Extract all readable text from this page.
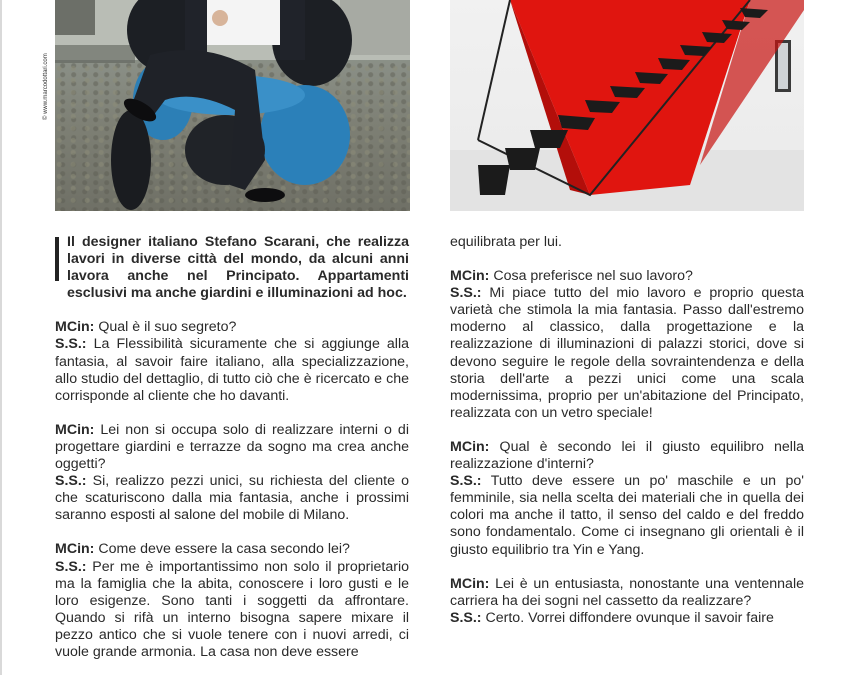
© www.marcodottari.com

Il designer italiano Stefano Scarani, che realizza lavori in diverse città del mondo, da alcuni anni lavora anche nel Principato. Appartamenti esclusivi ma anche giardini e illuminazioni ad hoc.

MCin: Qual è il suo segreto?
S.S.: La Flessibilità sicuramente che si aggiunge alla fantasia, al savoir faire italiano, alla specializzazione, allo studio del dettaglio, di tutto ciò che è ricercato e che corrisponde al cliente che ho davanti.

MCin: Lei non si occupa solo di realizzare interni o di progettare giardini e terrazze da sogno ma crea anche oggetti?
S.S.: Si, realizzo pezzi unici, su richiesta del cliente o che scaturiscono dalla mia fantasia, anche i prossimi saranno esposti al salone del mobile di Milano.

MCin: Come deve essere la casa secondo lei?
S.S.: Per me è importantissimo non solo il proprietario ma la famiglia che la abita, conoscere i loro gusti e le loro esigenze. Sono tanti i soggetti da affrontare. Quando si rifà un interno bisogna sapere mixare il pezzo antico che si vuole tenere con i nuovi arredi, ci vuole grande armonia. La casa non deve essere

equilibrata per lui.

MCin: Cosa preferisce nel suo lavoro?
S.S.: Mi piace tutto del mio lavoro e proprio questa varietà che stimola la mia fantasia. Passo dall'estremo moderno al classico, dalla progettazione e la realizzazione di illuminazioni di palazzi storici, dove si devono seguire le regole della sovraintendenza e della storia dell'arte a pezzi unici come una scala modernissima, proprio per un'abitazione del Principato, realizzata con un vetro speciale!

MCin: Qual è secondo lei il giusto equilibro nella realizzazione d'interni?
S.S.: Tutto deve essere un po' maschile e un po' femminile, sia nella scelta dei materiali che in quella dei colori ma anche il tatto, il senso del caldo e del freddo sono fondamentalo. Come ci insegnano gli orientali è il giusto equilibrio tra Yin e Yang.

MCin: Lei è un entusiasta, nonostante una ventennale carriera ha dei sogni nel cassetto da realizzare?
S.S.: Certo. Vorrei diffondere ovunque il savoir faire
